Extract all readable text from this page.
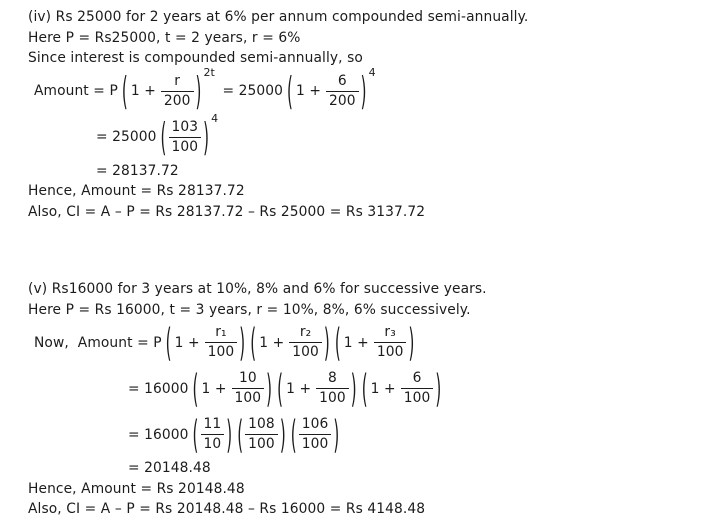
(iv) Rs 25000 for 2 years at 6% per annum compounded semi-annually.
Here P = Rs25000, t = 2 years, r = 6%
Since interest is compounded semi-annually, so
Amount = P ( $1 + \frac{r}{200}$ ) 2t
= 25000 ( $1 + \frac{6}{200}$ ) 4
= 25000 ( $\frac{103}{100}$ ) 4
= 28137.72
Hence, Amount = Rs 28137.72
Also, CI = A – P = Rs 28137.72 – Rs 25000 = Rs 3137.72
(v) Rs16000 for 3 years at 10%, 8% and 6% for successive years.
Here P = Rs 16000, t = 3 years, r = 10%, 8%, 6% successively.
Now,  Amount = P ( $1 + \frac{\text{r₁}}{100}$ ) ( $1 + \frac{\text{r₂}}{100}$ ) ( $1 + \frac{\text{r₃}}{100}$ )
= 16000 ( $1 + \frac{10}{100}$ ) ( $1 + \frac{8}{100}$ ) ( $1 + \frac{6}{100}$ )
= 16000 ( $\frac{11}{10}$ ) ( $\frac{108}{100}$ ) ( $\frac{106}{100}$ )
= 20148.48
Hence, Amount = Rs 20148.48
Also, CI = A – P = Rs 20148.48 – Rs 16000 = Rs 4148.48
